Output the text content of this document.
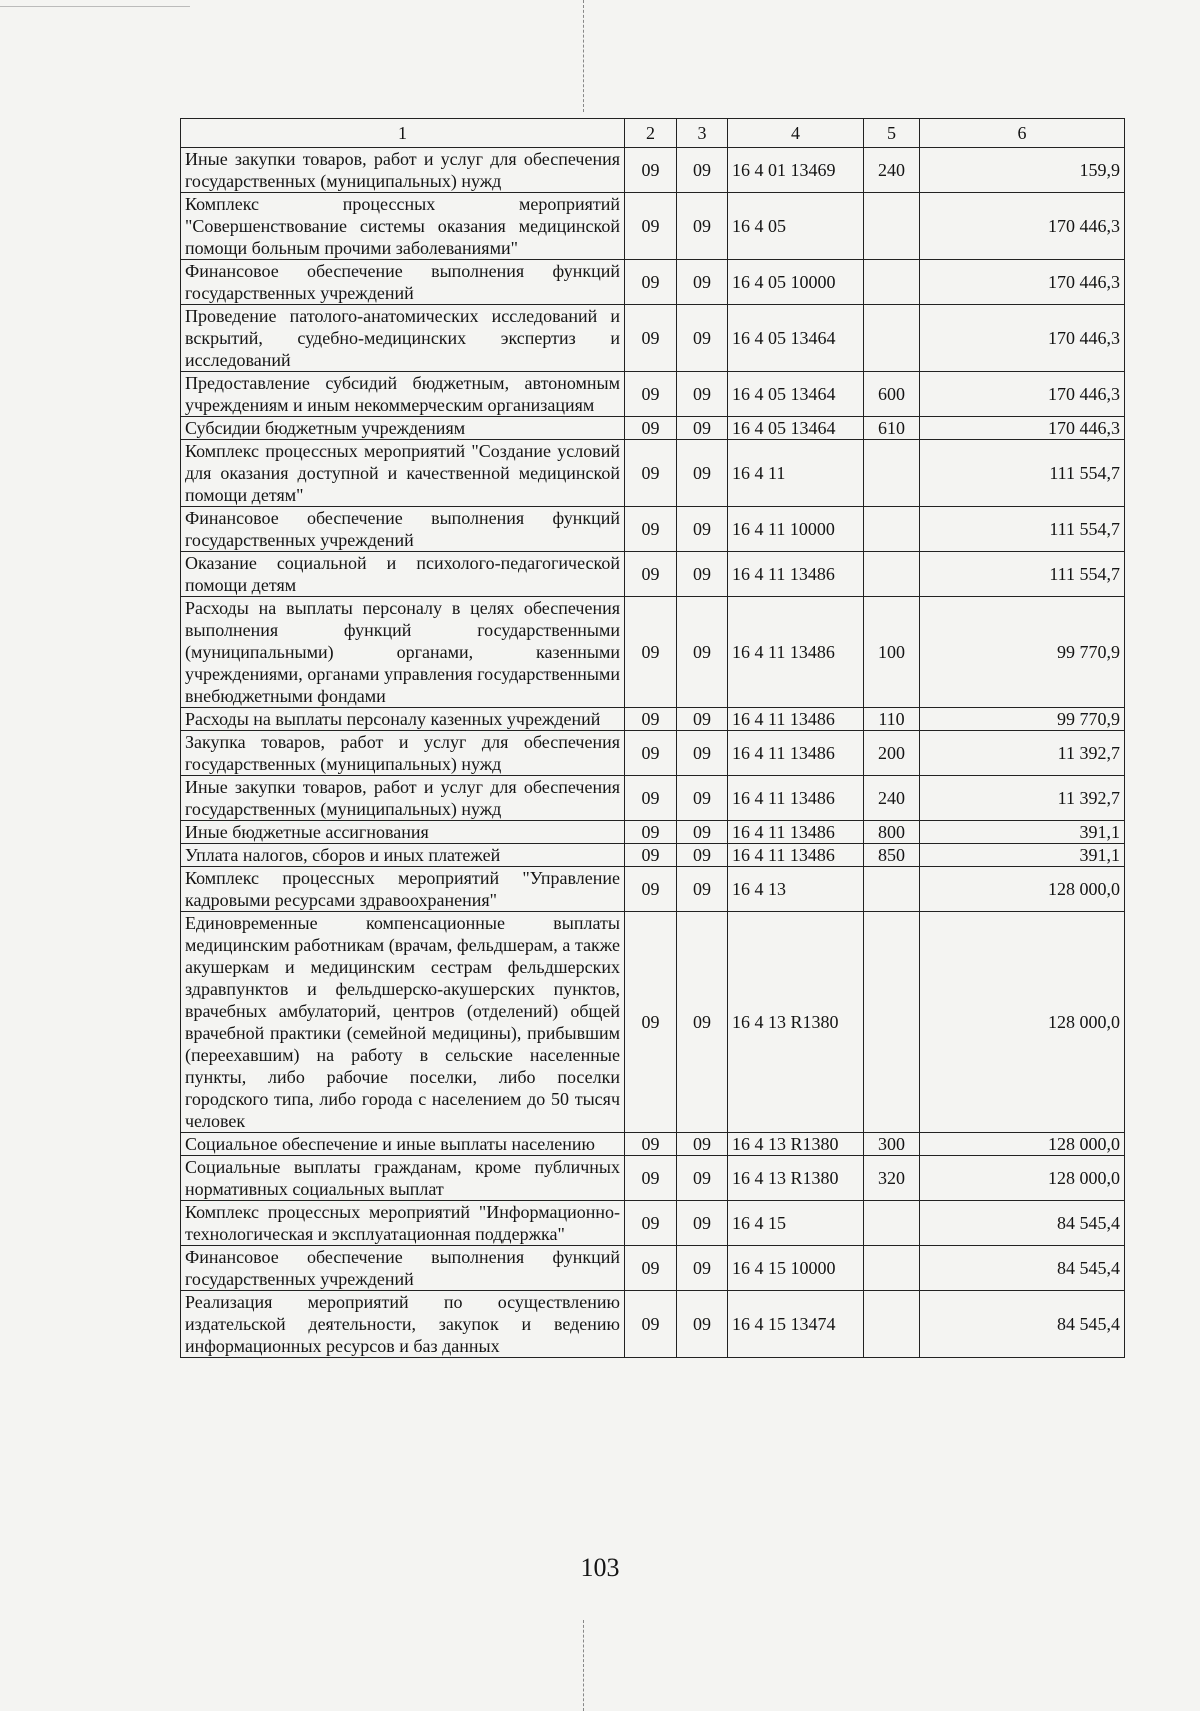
1	2	3	4	5	6
Иные закупки товаров, работ и услуг для обеспечения государственных (муниципальных) нужд	09	09	16 4 01 13469	240	159,9
Комплекс процессных мероприятий "Совершенствование системы оказания медицинской помощи больным прочими заболеваниями"	09	09	16 4 05		170 446,3
Финансовое обеспечение выполнения функций государственных учреждений	09	09	16 4 05 10000		170 446,3
Проведение патолого-анатомических исследований и вскрытий, судебно-медицинских экспертиз и исследований	09	09	16 4 05 13464		170 446,3
Предоставление субсидий бюджетным, автономным учреждениям и иным некоммерческим организациям	09	09	16 4 05 13464	600	170 446,3
Субсидии бюджетным учреждениям	09	09	16 4 05 13464	610	170 446,3
Комплекс процессных мероприятий "Создание условий для оказания доступной и качественной медицинской помощи детям"	09	09	16 4 11		111 554,7
Финансовое обеспечение выполнения функций государственных учреждений	09	09	16 4 11 10000		111 554,7
Оказание социальной и психолого-педагогической помощи детям	09	09	16 4 11 13486		111 554,7
Расходы на выплаты персоналу в целях обеспечения выполнения функций государственными (муниципальными) органами, казенными учреждениями, органами управления государственными внебюджетными фондами	09	09	16 4 11 13486	100	99 770,9
Расходы на выплаты персоналу казенных учреждений	09	09	16 4 11 13486	110	99 770,9
Закупка товаров, работ и услуг для обеспечения государственных (муниципальных) нужд	09	09	16 4 11 13486	200	11 392,7
Иные закупки товаров, работ и услуг для обеспечения государственных (муниципальных) нужд	09	09	16 4 11 13486	240	11 392,7
Иные бюджетные ассигнования	09	09	16 4 11 13486	800	391,1
Уплата налогов, сборов и иных платежей	09	09	16 4 11 13486	850	391,1
Комплекс процессных мероприятий "Управление кадровыми ресурсами здравоохранения"	09	09	16 4 13		128 000,0
Единовременные компенсационные выплаты медицинским работникам (врачам, фельдшерам, а также акушеркам и медицинским сестрам фельдшерских здравпунктов и фельдшерско-акушерских пунктов, врачебных амбулаторий, центров (отделений) общей врачебной практики (семейной медицины), прибывшим (переехавшим) на работу в сельские населенные пункты, либо рабочие поселки, либо поселки городского типа, либо города с населением до 50 тысяч человек	09	09	16 4 13 R1380		128 000,0
Социальное обеспечение и иные выплаты населению	09	09	16 4 13 R1380	300	128 000,0
Социальные выплаты гражданам, кроме публичных нормативных социальных выплат	09	09	16 4 13 R1380	320	128 000,0
Комплекс процессных мероприятий "Информационно-технологическая и эксплуатационная поддержка"	09	09	16 4 15		84 545,4
Финансовое обеспечение выполнения функций государственных учреждений	09	09	16 4 15 10000		84 545,4
Реализация мероприятий по осуществлению издательской деятельности, закупок и ведению информационных ресурсов и баз данных	09	09	16 4 15 13474		84 545,4
103
